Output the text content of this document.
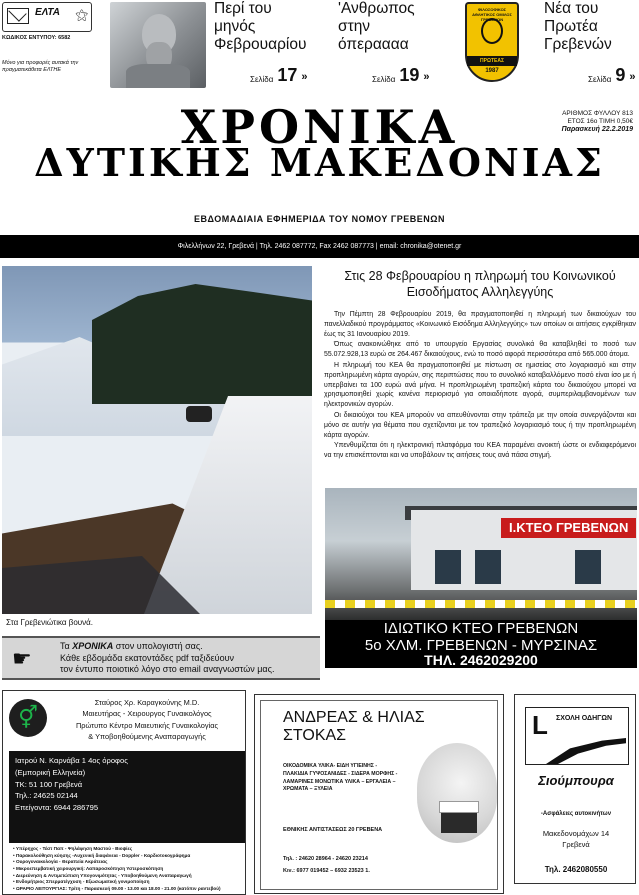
ΕΛΤΑ ⚝
ΚΩΔΙΚΟΣ ΕΝΤΥΠΟΥ: 6582
Μόνο για προφορές αυτακά την πραγματεκάθετα ΕΛΤΗΕ
Περί του μηνός Φεβρουαρίου
Σελίδα 17 »
'Ανθρωπος στην όπεραααα
Σελίδα 19 »
ΦΙΛΟΣΟΦΙΚΟΣ ΑΘΛΗΤΙΚΟΣ ΟΜΙΛΟΣ ΓΡΕΒΕΝΩΝ
ΠΡΩΤΕΑΣ
1987
Νέα του Πρωτέα Γρεβενών
Σελίδα 9 »
ΑΡΙΘΜΟΣ ΦΥΛΛΟΥ 813
ΕΤΟΣ 16ο ΤΙΜΗ 0,50€
Παρασκευή 22.2.2019
ΧΡΟΝΙΚΑ
ΔΥΤΙΚΗΣ ΜΑΚΕΔΟΝΙΑΣ
ΕΒΔΟΜΑΔΙΑΙΑ ΕΦΗΜΕΡΙΔΑ ΤΟΥ ΝΟΜΟΥ ΓΡΕΒΕΝΩΝ
Φιλελλήνων 22, Γρεβενά | Τηλ. 2462 087772, Fax 2462 087773 | email: chronika@otenet.gr
Στα Γρεβενιώτικα βουνά.
Στις 28 Φεβρουαρίου η πληρωμή του Κοινωνικού Εισοδήματος Αλληλεγγύης

Την Πέμπτη 28 Φεβρουαρίου 2019, θα πραγματοποιηθεί η πληρωμή των δικαιούχων του πανελλαδικού προγράμματος «Κοινωνικό Εισόδημα Αλληλεγγύης» των οποίων οι αιτήσεις εγκρίθηκαν έως τις 31 Ιανουαρίου 2019.

Όπως ανακοινώθηκε από το υπουργείο Εργασίας συνολικά θα καταβληθεί το ποσό των 55.072.928,13 ευρώ σε 264.467 δικαιούχους, ενώ το ποσό αφορά περισσότερα από 565.000 άτομα.

Η πληρωμή του ΚΕΑ θα πραγματοποιηθεί με πίστωση σε ημισείας στο λογαριασμό και στην προπληρωμένη κάρτα αγορών, σης περιπτώσεις που το συνολικό καταβαλλόμενο ποσό είναι ίσο με ή υπερβαίνει τα 100 ευρώ ανά μήνα. Η προπληρωμένη τραπεζική κάρτα του δικαιούχου μπορεί να χρησιμοποιηθεί χωρίς κανένα περιορισμό για οποιαδήποτε αγορά, συμπεριλαμβανομένων των ηλεκτρονικών αγορών.

Οι δικαιούχοι του ΚΕΑ μπορούν να απευθύνονται στην τράπεζα με την οποία συνεργάζονται και μόνο σε αυτήν για θέματα που σχετίζονται με τον τραπεζικό λογαριασμό τους ή την προπληρωμένη κάρτα αγορών.

Υπενθυμίζεται ότι η ηλεκτρονική πλατφόρμα του ΚΕΑ παραμένει ανοικτή ώστε οι ενδιαφερόμενοι να την επισκέπτονται και να υποβάλουν τις αιτήσεις τους ανά πάσα στιγμή.

Ι.ΚΤΕΟ ΓΡΕΒΕΝΩΝ
ΙΔΙΩΤΙΚΟ ΚΤΕΟ ΓΡΕΒΕΝΩΝ
5ο ΧΛΜ. ΓΡΕΒΕΝΩΝ - ΜΥΡΣΙΝΑΣ
ΤΗΛ. 2462029200
☛	Τα ΧΡΟΝΙΚΑ στον υπολογιστή σας.
Κάθε εβδομάδα εκατοντάδες pdf ταξιδεύουν
τον έντυπο ποιοτικό λόγο στο email αναγνωστών μας.
⚥
Σταύρος Χρ. Καραγκούνης M.D.
Μαιευτήρας - Χειρουργος Γυναικολόγος
Πρώτυπο Κέντρο Μαιευτικής Γυναικολογίας
& Υποβοηθούμενης Αναπαραγωγής
Ιατρού Ν. Καρνάβα 1 4ος όροφος
(Εμπορική Ελληνεία)
ΤΚ: 51 100 Γρεβενά
Τηλ.: 24625 02144
Επείγοντα: 6944 286795
• Υπέρηχος - Τέστ Παπ - Ψηλάφηση Μαστού - Βιοψίες
• Παρακολούθηση κύησης -Αυχενική διαφάνεια - Doppler - Καρδιοτοκογράφημα
• Ουρογυναικολογία - Θεραπεία Ακράτειας
• Μικροεπεμβατική χειρουργική: Λαπαροσκόπηση Υστεροσκόπηση
• Διερεύνηση & Αντιμετώπιση Υπογονιμότητας - Υποβοηθούμενη Αναπαραγωγή
• Ενδομήτριος Σπερματέγχυση - Εξωσωματική γονιμοποίηση
• ΩΡΑΡΙΟ ΛΕΙΤΟΥΡΓΙΑΣ: Τρίτη - Παρασκευή 09.00 - 13.00 και 18.00 - 21.00 (κατόπιν ραντεβού)
ΑΝΔΡΕΑΣ & ΗΛΙΑΣ
ΣΤΟΚΑΣ
ΟΙΚΟΔΟΜΙΚΑ ΥΛΙΚΑ- ΕΙΔΗ ΥΓΙΕΙΝΗΣ - ΠΛΑΚΙΔΙΑ ΓΥΨΟΣΑΝΙΔΕΣ - ΣΙΔΕΡΑ ΜΟΡΦΗΣ - ΛΑΜΑΡΙΝΕΣ ΜΟΝΩΤΙΚΑ ΥΛΙΚΑ – ΕΡΓΑΛΕΙΑ – ΧΡΩΜΑΤΑ – ΞΥΛΕΙΑ
ΕΘΝΙΚΗΣ ΑΝΤΙΣΤΑΣΕΩΣ 20 ΓΡΕΒΕΝΑ
Τηλ. : 24620 28964 - 24620 23214
Κιν.: 6977 019452 – 6932 23523 1.
L ΣΧΟΛΗ ΟΔΗΓΩΝ
Σιούμπουρα
-Ασφάλειες αυτοκινήτων
Μακεδονομάχων 14
Γρεβενά
Τηλ. 2462080550
